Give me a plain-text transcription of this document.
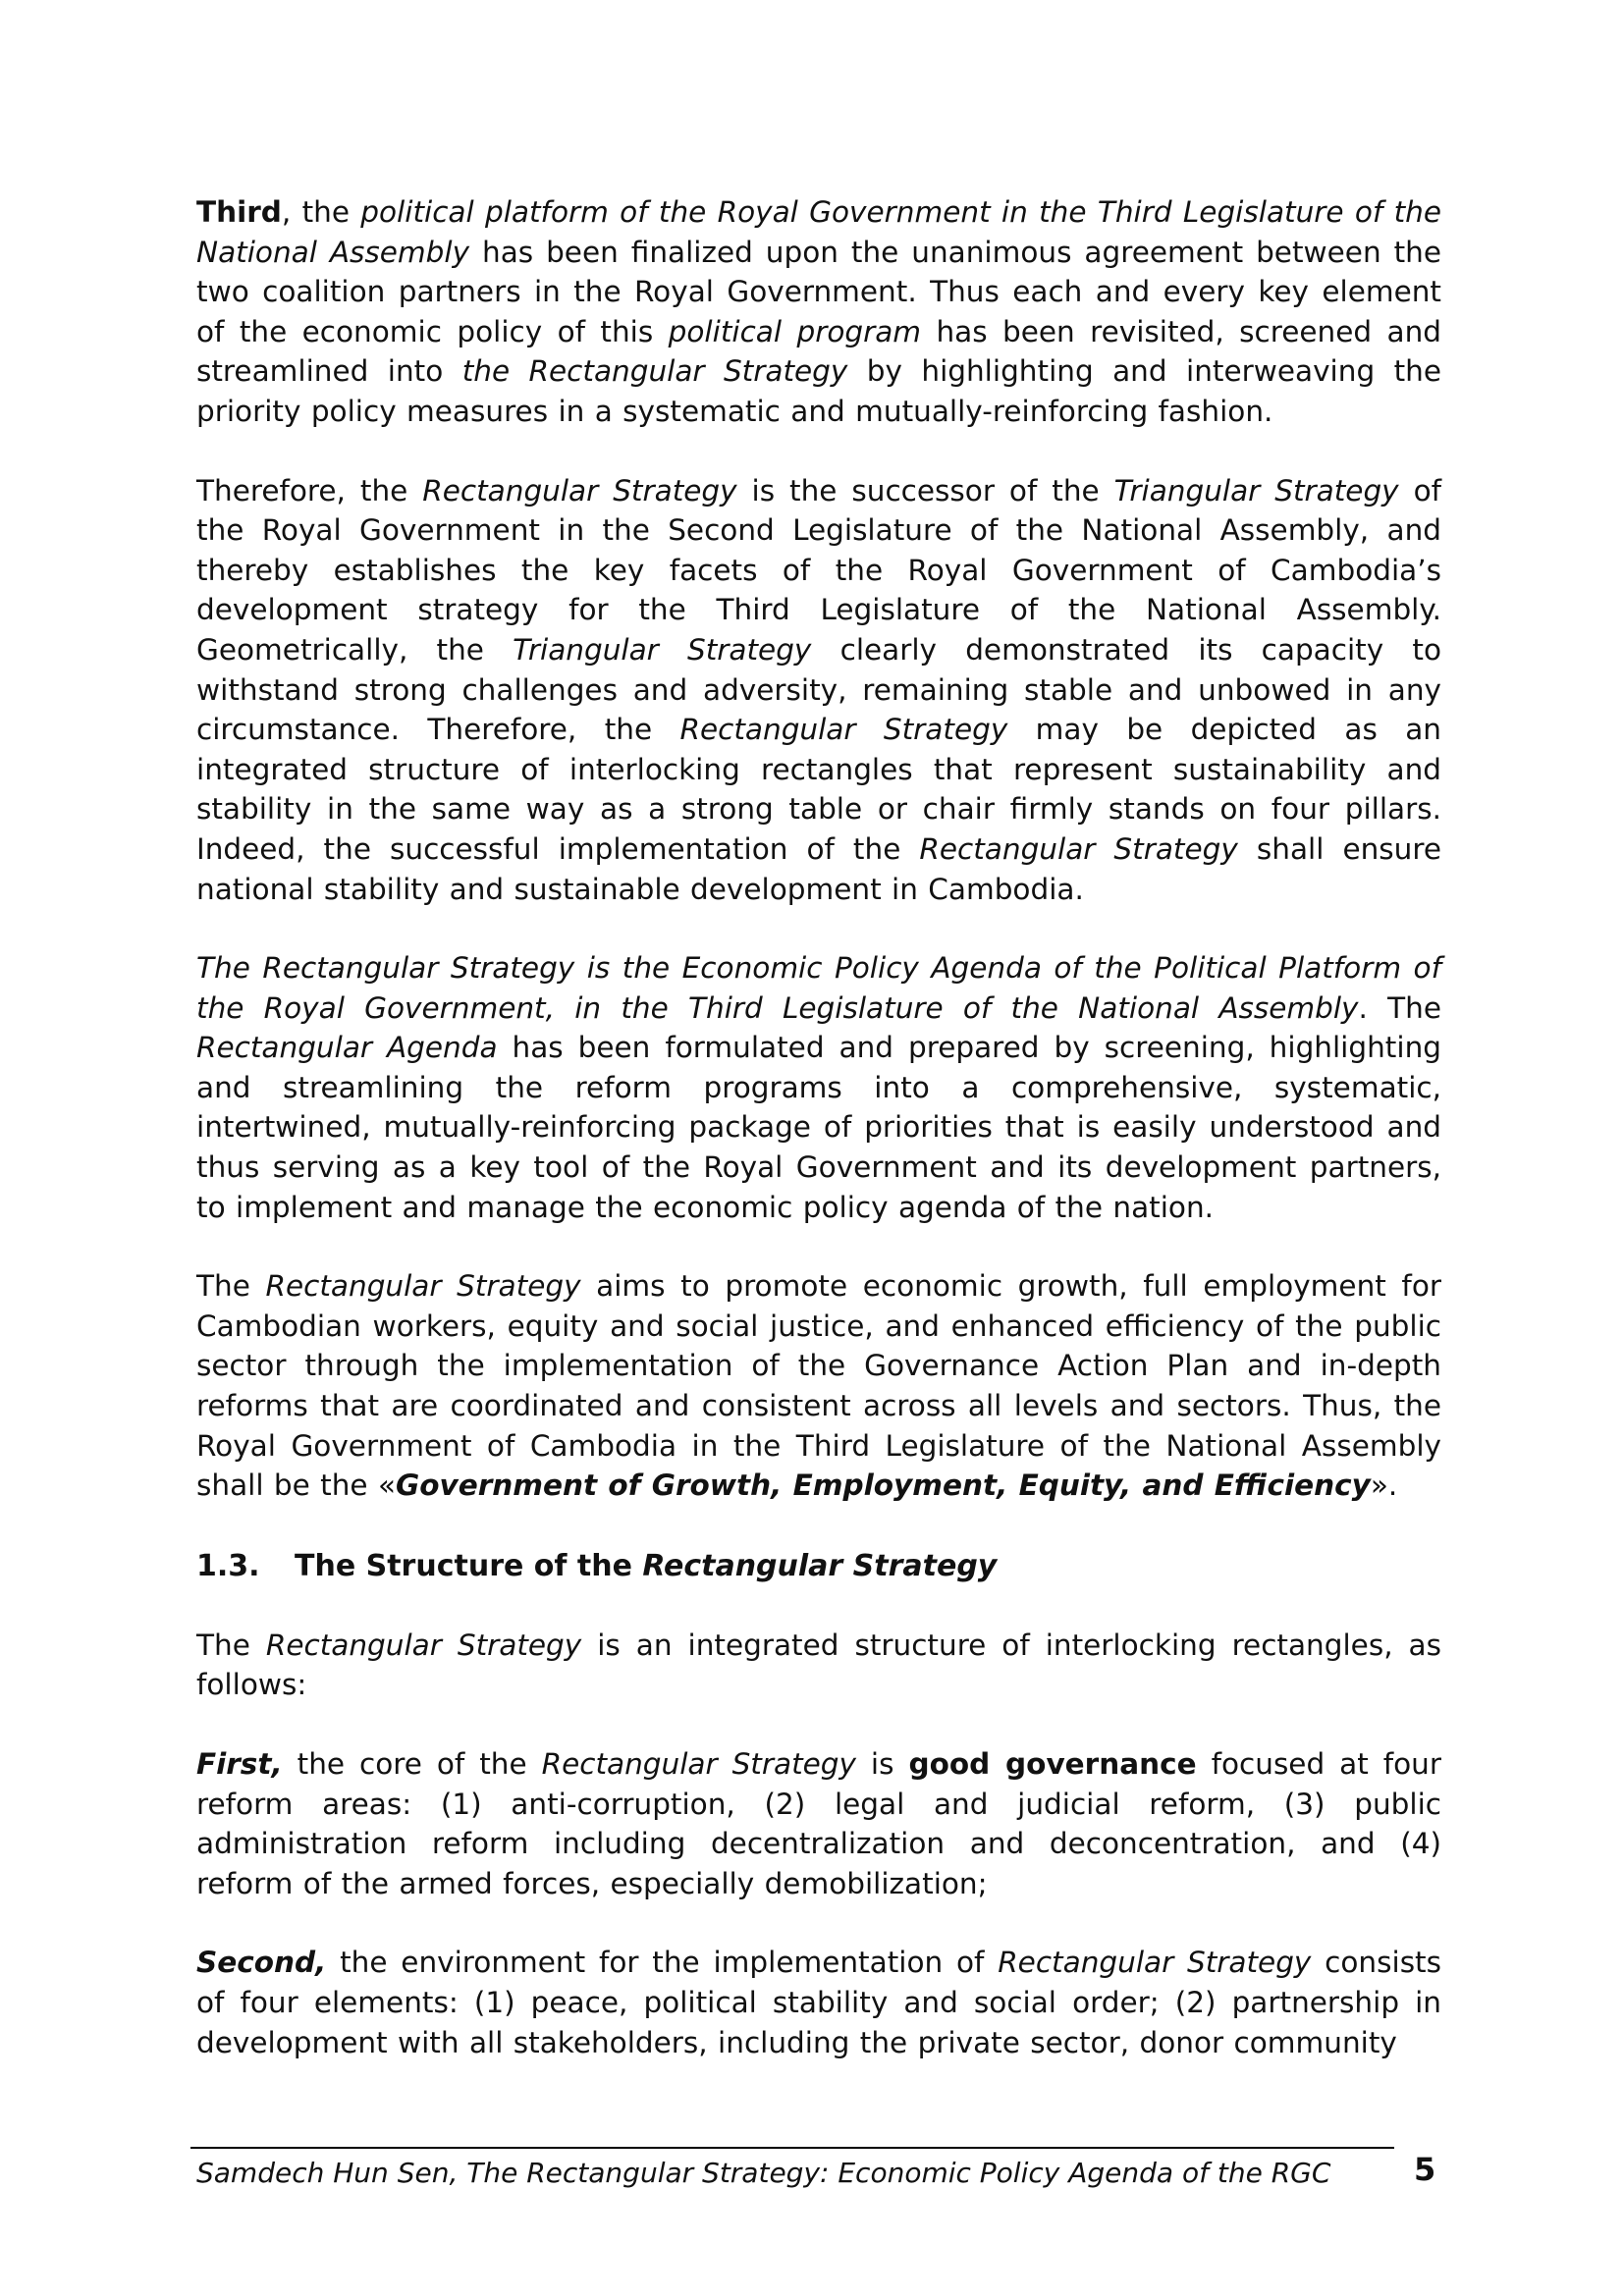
Third, the political platform of the Royal Government in the Third Legislature of the National Assembly has been finalized upon the unanimous agreement between the two coalition partners in the Royal Government. Thus each and every key element of the economic policy of this political program has been revisited, screened and streamlined into the Rectangular Strategy by highlighting and interweaving the priority policy measures in a systematic and mutually-reinforcing fashion.

Therefore, the Rectangular Strategy is the successor of the Triangular Strategy of the Royal Government in the Second Legislature of the National Assembly, and thereby establishes the key facets of the Royal Government of Cambodia’s development strategy for the Third Legislature of the National Assembly. Geometrically, the Triangular Strategy clearly demonstrated its capacity to withstand strong challenges and adversity, remaining stable and unbowed in any circumstance. Therefore, the Rectangular Strategy may be depicted as an integrated structure of interlocking rectangles that represent sustainability and stability in the same way as a strong table or chair firmly stands on four pillars. Indeed, the successful implementation of the Rectangular Strategy shall ensure national stability and sustainable development in Cambodia.

The Rectangular Strategy is the Economic Policy Agenda of the Political Platform of the Royal Government, in the Third Legislature of the National Assembly. The Rectangular Agenda has been formulated and prepared by screening, highlighting and streamlining the reform programs into a comprehensive, systematic, intertwined, mutually-reinforcing package of priorities that is easily understood and thus serving as a key tool of the Royal Government and its development partners, to implement and manage the economic policy agenda of the nation.

The Rectangular Strategy aims to promote economic growth, full employment for Cambodian workers, equity and social justice, and enhanced efficiency of the public sector through the implementation of the Governance Action Plan and in-depth reforms that are coordinated and consistent across all levels and sectors. Thus, the Royal Government of Cambodia in the Third Legislature of the National Assembly shall be the «Government of Growth, Employment, Equity, and Efficiency».

1.3. The Structure of the Rectangular Strategy

The Rectangular Strategy is an integrated structure of interlocking rectangles, as follows:

First, the core of the Rectangular Strategy is good governance focused at four reform areas: (1) anti-corruption, (2) legal and judicial reform, (3) public administration reform including decentralization and deconcentration, and (4) reform of the armed forces, especially demobilization;

Second, the environment for the implementation of Rectangular Strategy consists of four elements: (1) peace, political stability and social order; (2) partnership in development with all stakeholders, including the private sector, donor community

Samdech Hun Sen, The Rectangular Strategy: Economic Policy Agenda of the RGC	5
